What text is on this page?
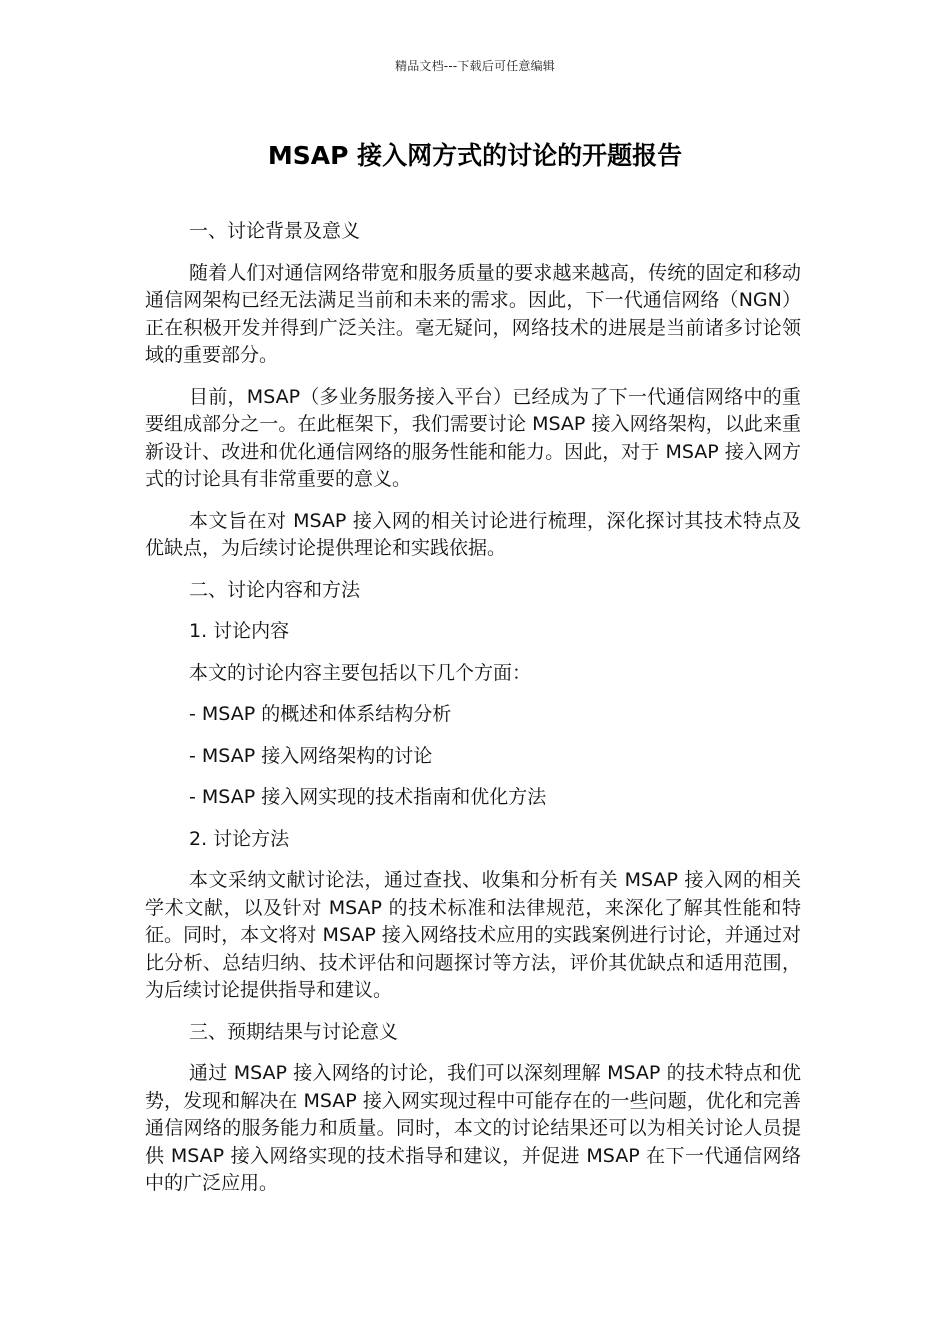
精品文档---下载后可任意编辑
MSAP 接入网方式的讨论的开题报告

一、讨论背景及意义

随着人们对通信网络带宽和服务质量的要求越来越高，传统的固定和移动通信网架构已经无法满足当前和未来的需求。因此，下一代通信网络（NGN）正在积极开发并得到广泛关注。毫无疑问，网络技术的进展是当前诸多讨论领域的重要部分。

目前，MSAP（多业务服务接入平台）已经成为了下一代通信网络中的重要组成部分之一。在此框架下，我们需要讨论 MSAP 接入网络架构，以此来重新设计、改进和优化通信网络的服务性能和能力。因此，对于 MSAP 接入网方式的讨论具有非常重要的意义。

本文旨在对 MSAP 接入网的相关讨论进行梳理，深化探讨其技术特点及优缺点，为后续讨论提供理论和实践依据。

二、讨论内容和方法

1. 讨论内容

本文的讨论内容主要包括以下几个方面：

- MSAP 的概述和体系结构分析

- MSAP 接入网络架构的讨论

- MSAP 接入网实现的技术指南和优化方法

2. 讨论方法

本文采纳文献讨论法，通过查找、收集和分析有关 MSAP 接入网的相关学术文献，以及针对 MSAP 的技术标准和法律规范，来深化了解其性能和特征。同时，本文将对 MSAP 接入网络技术应用的实践案例进行讨论，并通过对比分析、总结归纳、技术评估和问题探讨等方法，评价其优缺点和适用范围，为后续讨论提供指导和建议。

三、预期结果与讨论意义

通过 MSAP 接入网络的讨论，我们可以深刻理解 MSAP 的技术特点和优势，发现和解决在 MSAP 接入网实现过程中可能存在的一些问题，优化和完善通信网络的服务能力和质量。同时，本文的讨论结果还可以为相关讨论人员提供 MSAP 接入网络实现的技术指导和建议，并促进 MSAP 在下一代通信网络中的广泛应用。
